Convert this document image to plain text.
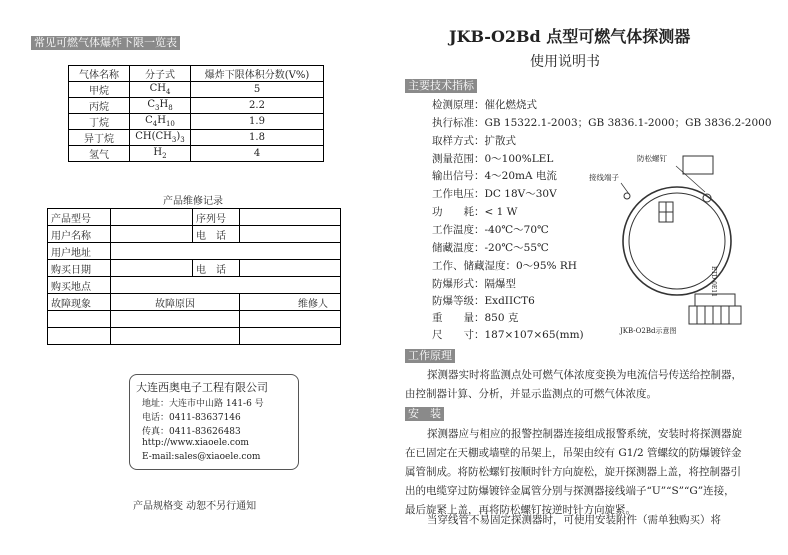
常见可燃气体爆炸下限一览表
气体名称	分子式	爆炸下限体积分数(V%)
甲烷	$CH_4$	5
丙烷	$C_3H_8$	2.2
丁烷	$C_4H_{10}$	1.9
异丁烷	$CH(CH_3)_3$	1.8
氢气	$H_2$	4
产品维修记录
产品型号		序列号	
用户名称		电　话	
用户地址			
购买日期		电　话	
购买地点			
故障现象	故障原因		维修人

大连西奥电子工程有限公司
地址：大连市中山路 141-6 号
电话：0411-83637146
传真：0411-83626483
http://www.xiaoele.com
E-mail:sales@xiaoele.com
产品规格变 动恕不另行通知
JKB-O2Bd 点型可燃气体探测器
使用说明书
主要技术指标
检测原理：催化燃烧式
执行标准：GB 15322.1-2003；GB 3836.1-2000；GB 3836.2-2000
取样方式：扩散式
测量范围：0～100%LEL
输出信号：4～20mA 电流
工作电压：DC 18V～30V
功　　耗：< 1 W
工作温度：-40℃～70℃
储藏温度：-20℃～55℃
工作、储藏湿度：0～95% RH
防爆形式：隔爆型
防爆等级：ExdIICT6
重　　量：850 克
尺　　寸：187×107×65(mm)
防松螺钉
接线端子
ETD 0E11
JKB-O2Bd示意图
工作原理
探测器实时将监测点处可燃气体浓度变换为电流信号传送给控制器，由控制器计算、分析，并显示监测点的可燃气体浓度。
安　装
探测器应与相应的报警控制器连接组成报警系统，安装时将探测器旋在已固定在天棚或墙壁的吊架上，吊架由绞有 G1/2 管螺纹的防爆镀锌金属管制成。将防松螺钉按顺时针方向旋松，旋开探测器上盖，将控制器引出的电缆穿过防爆镀锌金属管分别与探测器接线端子“U”“S”“G”连接，最后旋紧上盖，再将防松螺钉按逆时针方向旋紧。
当穿线管不易固定探测器时，可使用安装附件（需单独购买）将
